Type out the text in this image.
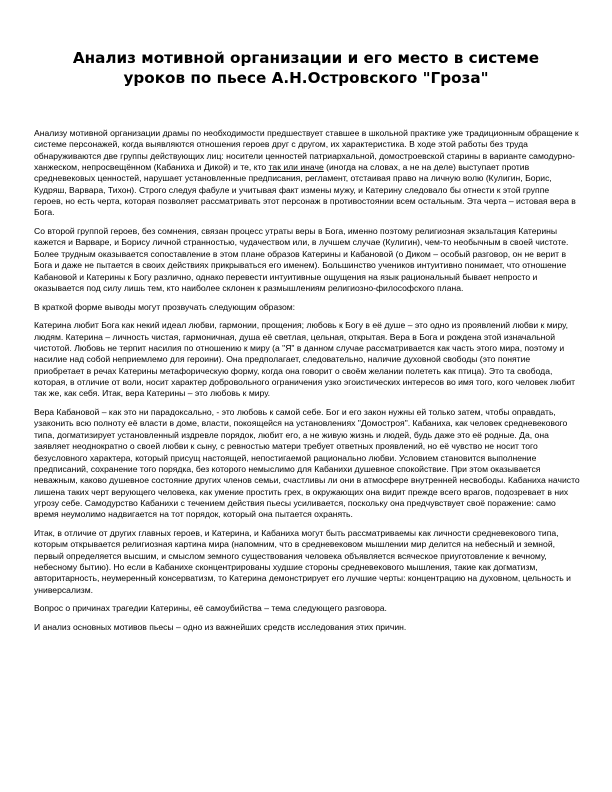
Анализ мотивной организации и его место в системе уроков по пьесе А.Н.Островского "Гроза"

Анализу мотивной организации драмы по необходимости предшествует ставшее в школьной практике уже традиционным обращение к системе персонажей, когда выявляются отношения героев друг с другом, их характеристика. В ходе этой работы без труда обнаруживаются две группы действующих лиц: носители ценностей патриархальной, домостроевской старины в варианте самодурно-ханжеском, непросвещённом (Кабаниха и Дикой) и те, кто так или иначе (иногда на словах, а не на деле) выступает против средневековых ценностей, нарушает установленные предписания, регламент, отстаивая право на личную волю (Кулигин, Борис, Кудряш, Варвара, Тихон). Строго следуя фабуле и учитывая факт измены мужу, и Катерину следовало бы отнести к этой группе героев, но есть черта, которая позволяет рассматривать этот персонаж в противостоянии всем остальным. Эта черта – истовая вера в Бога.

Со второй группой героев, без сомнения, связан процесс утраты веры в Бога, именно поэтому религиозная экзальтация Катерины кажется и Варваре, и Борису личной странностью, чудачеством или, в лучшем случае (Кулигин), чем-то необычным в своей чистоте. Более трудным оказывается сопоставление в этом плане образов Катерины и Кабановой (о Диком – особый разговор, он не верит в Бога и даже не пытается в своих действиях прикрываться его именем). Большинство учеников интуитивно понимает, что отношение Кабановой и Катерины к Богу различно, однако перевести интуитивные ощущения на язык рациональный бывает непросто и оказывается под силу лишь тем, кто наиболее склонен к размышлениям религиозно-философского плана.

В краткой форме выводы могут прозвучать следующим образом:

Катерина любит Бога как некий идеал любви, гармонии, прощения; любовь к Богу в её душе – это одно из проявлений любви к миру, людям. Катерина – личность чистая, гармоничная, душа её светлая, цельная, открытая. Вера в Бога и рождена этой изначальной чистотой. Любовь не терпит насилия по отношению к миру (а "Я" в данном случае рассматривается как часть этого мира, поэтому и насилие над собой неприемлемо для героини). Она предполагает, следовательно, наличие духовной свободы (это понятие приобретает в речах Катерины метафорическую форму, когда она говорит о своём желании полететь как птица). Это та свобода, которая, в отличие от воли, носит характер добровольного ограничения узко эгоистических интересов во имя того, кого человек любит так же, как себя. Итак, вера Катерины – это любовь к миру.

Вера Кабановой – как это ни парадоксально, - это любовь к самой себе. Бог и его закон нужны ей только затем, чтобы оправдать, узаконить всю полноту её власти в доме, власти, покоящейся на установлениях "Домостроя". Кабаниха, как человек средневекового типа, догматизирует установленный издревле порядок, любит его, а не живую жизнь и людей, будь даже это её родные. Да, она заявляет неоднократно о своей любви к сыну, с ревностью матери требует ответных проявлений, но её чувство не носит того безусловного характера, который присущ настоящей, непостигаемой рационально любви. Условием становится выполнение предписаний, сохранение того порядка, без которого немыслимо для Кабанихи душевное спокойствие. При этом оказывается неважным, каково душевное состояние других членов семьи, счастливы ли они в атмосфере внутренней несвободы. Кабаниха начисто лишена таких черт верующего человека, как умение простить грех, в окружающих она видит прежде всего врагов, подозревает в них угрозу себе. Самодурство Кабанихи с течением действия пьесы усиливается, поскольку она предчувствует своё поражение: само время неумолимо надвигается на тот порядок, который она пытается охранять.

Итак, в отличие от других главных героев, и Катерина, и Кабаниха могут быть рассматриваемы как личности средневекового типа, которым открывается религиозная картина мира (напомним, что в средневековом мышлении мир делится на небесный и земной, первый определяется высшим, и смыслом земного существования человека объявляется всяческое приуготовление к вечному, небесному бытию). Но если в Кабанихе сконцентрированы худшие стороны средневекового мышления, такие как догматизм, авторитарность, неумеренный консерватизм, то Катерина демонстрирует его лучшие черты: концентрацию на духовном, цельность и универсализм.

Вопрос о причинах трагедии Катерины, её самоубийства – тема следующего разговора.

И анализ основных мотивов пьесы – одно из важнейших средств исследования этих причин.
